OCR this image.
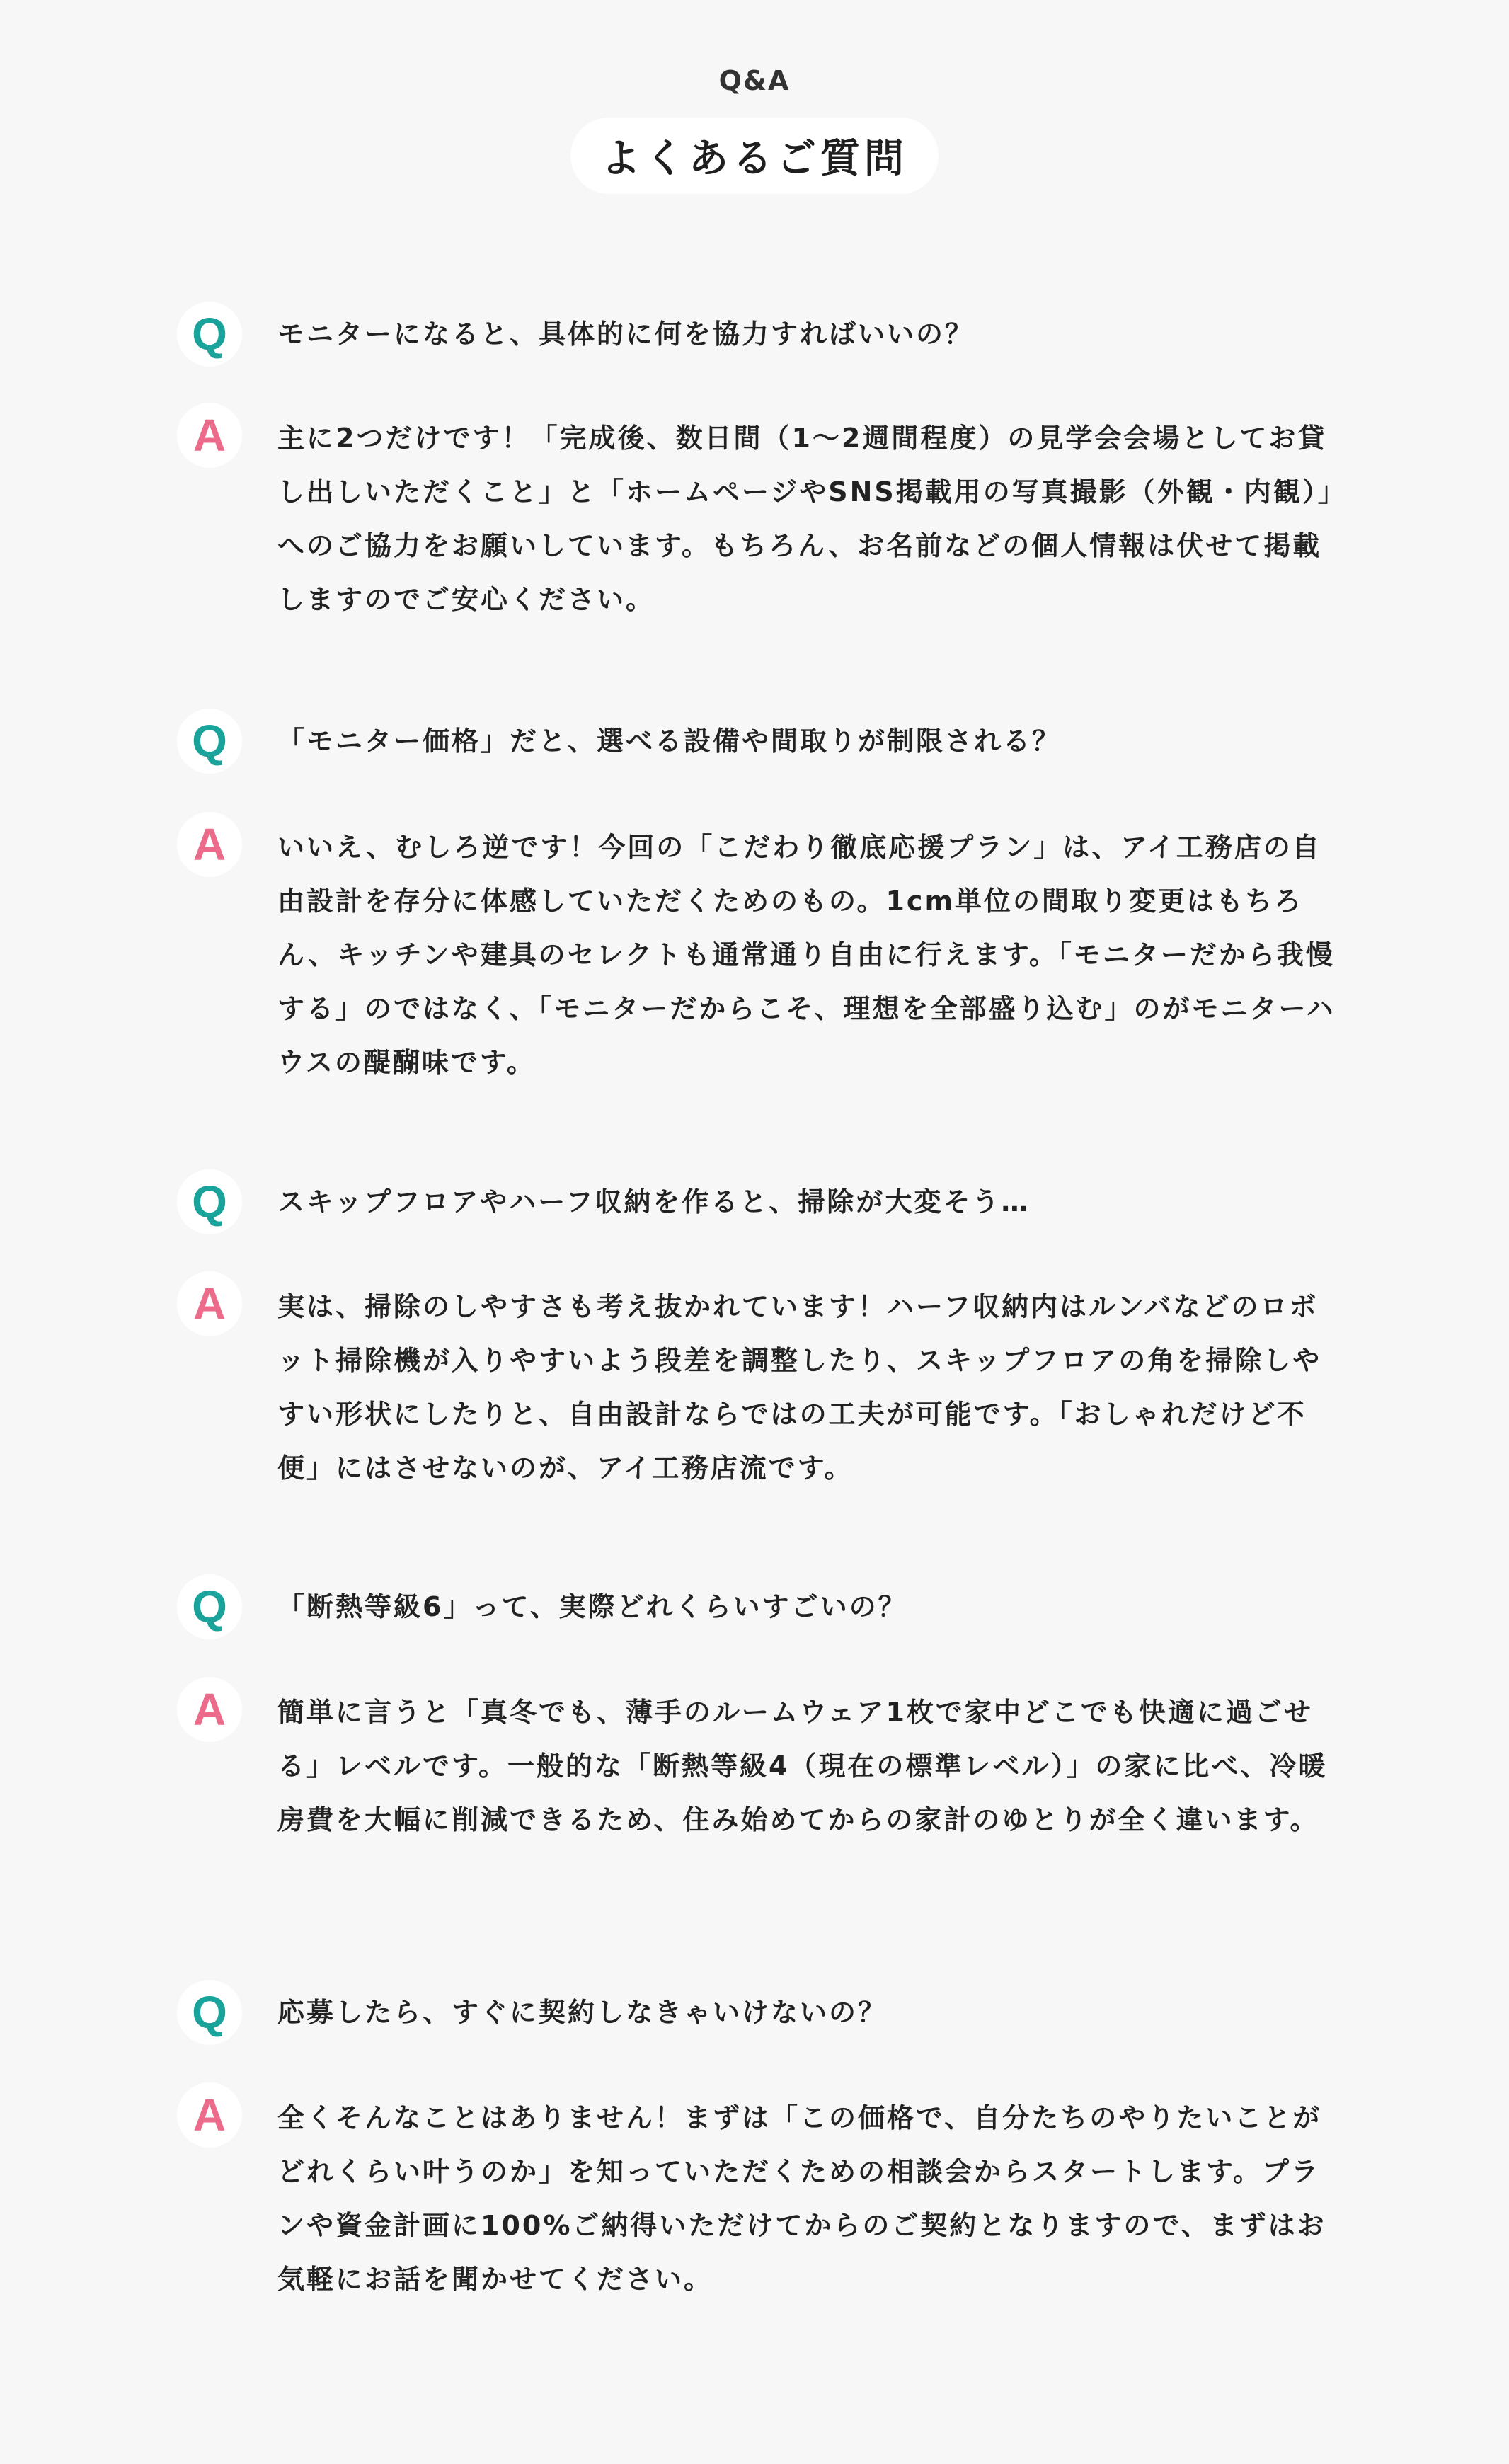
Q&A
よくあるご質問
Q	モニターになると、具体的に何を協力すればいいの？
A	主に2つだけです！「完成後、数日間（1〜2週間程度）の見学会会場としてお貸し出しいただくこと」と「ホームページやSNS掲載用の写真撮影（外観・内観）」へのご協力をお願いしています。もちろん、お名前などの個人情報は伏せて掲載しますのでご安心ください。
Q	「モニター価格」だと、選べる設備や間取りが制限される？
A	いいえ、むしろ逆です！今回の「こだわり徹底応援プラン」は、アイ工務店の自由設計を存分に体感していただくためのもの。1cm単位の間取り変更はもちろん、キッチンや建具のセレクトも通常通り自由に行えます。「モニターだから我慢する」のではなく、「モニターだからこそ、理想を全部盛り込む」のがモニターハウスの醍醐味です。
Q	スキップフロアやハーフ収納を作ると、掃除が大変そう…
A	実は、掃除のしやすさも考え抜かれています！ハーフ収納内はルンバなどのロボット掃除機が入りやすいよう段差を調整したり、スキップフロアの角を掃除しやすい形状にしたりと、自由設計ならではの工夫が可能です。「おしゃれだけど不便」にはさせないのが、アイ工務店流です。
Q	「断熱等級6」って、実際どれくらいすごいの？
A	簡単に言うと「真冬でも、薄手のルームウェア1枚で家中どこでも快適に過ごせる」レベルです。一般的な「断熱等級4（現在の標準レベル）」の家に比べ、冷暖房費を大幅に削減できるため、住み始めてからの家計のゆとりが全く違います。
Q	応募したら、すぐに契約しなきゃいけないの？
A	全くそんなことはありません！まずは「この価格で、自分たちのやりたいことがどれくらい叶うのか」を知っていただくための相談会からスタートします。プランや資金計画に100%ご納得いただけてからのご契約となりますので、まずはお気軽にお話を聞かせてください。
